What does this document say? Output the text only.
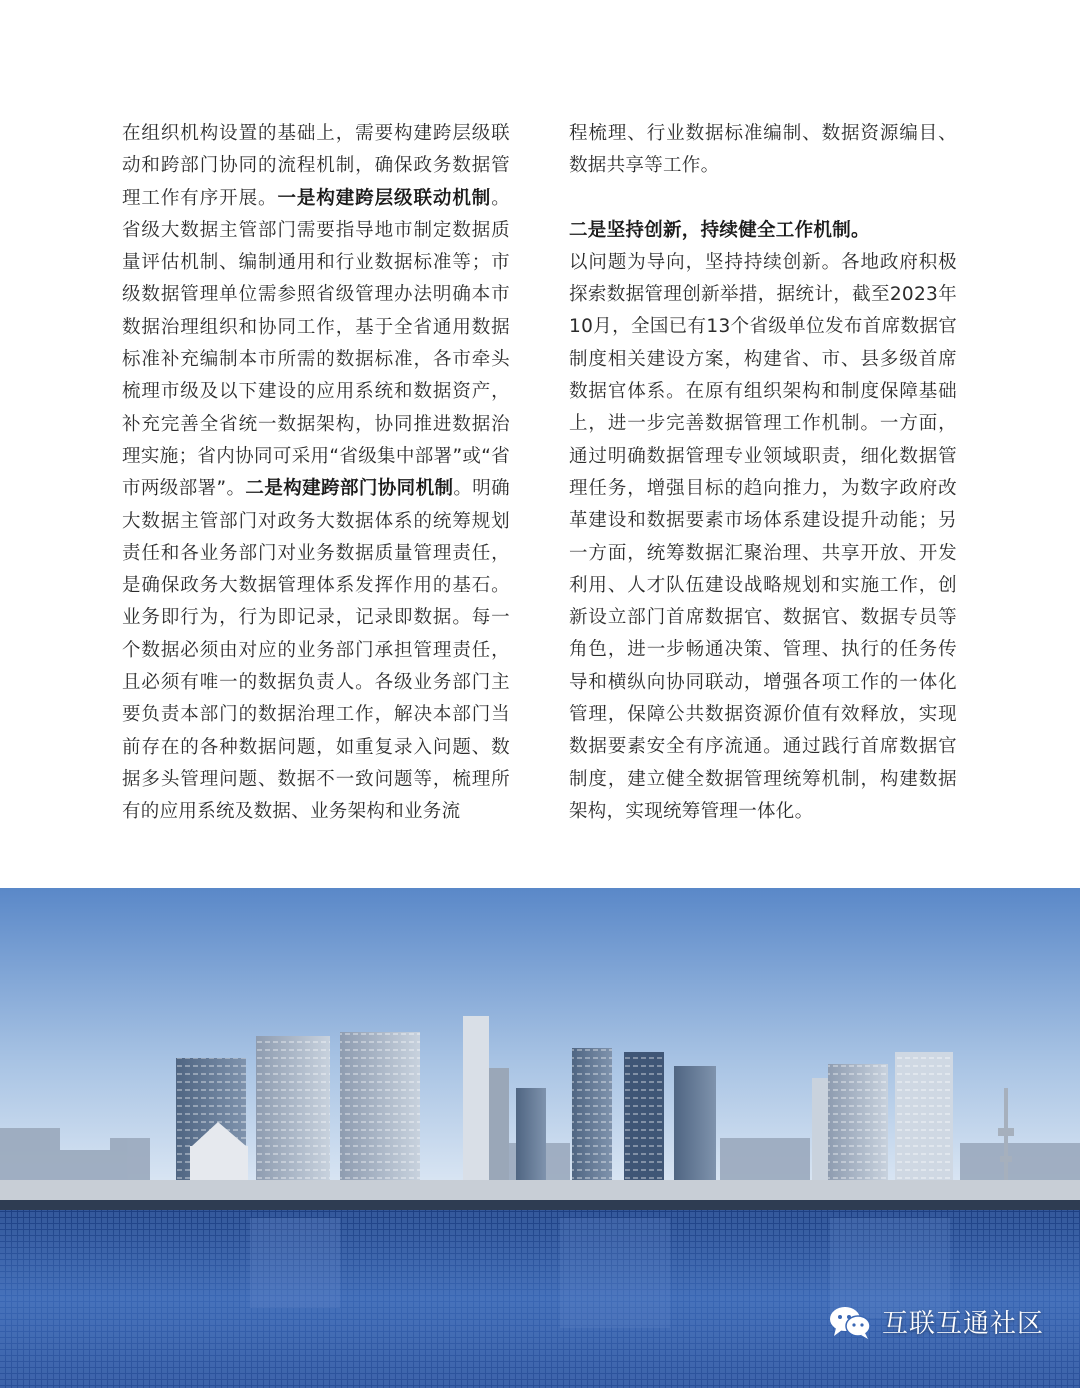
在组织机构设置的基础上，需要构建跨层级联动和跨部门协同的流程机制，确保政务数据管理工作有序开展。一是构建跨层级联动机制。省级大数据主管部门需要指导地市制定数据质量评估机制、编制通用和行业数据标准等；市级数据管理单位需参照省级管理办法明确本市数据治理组织和协同工作，基于全省通用数据标准补充编制本市所需的数据标准，各市牵头梳理市级及以下建设的应用系统和数据资产，补充完善全省统一数据架构，协同推进数据治理实施；省内协同可采用“省级集中部署”或“省市两级部署”。二是构建跨部门协同机制。明确大数据主管部门对政务大数据体系的统筹规划责任和各业务部门对业务数据质量管理责任，是确保政务大数据管理体系发挥作用的基石。业务即行为，行为即记录，记录即数据。每一个数据必须由对应的业务部门承担管理责任，且必须有唯一的数据负责人。各级业务部门主要负责本部门的数据治理工作，解决本部门当前存在的各种数据问题，如重复录入问题、数据多头管理问题、数据不一致问题等，梳理所有的应用系统及数据、业务架构和业务流

程梳理、行业数据标准编制、数据资源编目、数据共享等工作。

二是坚持创新，持续健全工作机制。

以问题为导向，坚持持续创新。各地政府积极探索数据管理创新举措，据统计，截至2023年10月，全国已有13个省级单位发布首席数据官制度相关建设方案，构建省、市、县多级首席数据官体系。在原有组织架构和制度保障基础上，进一步完善数据管理工作机制。一方面，通过明确数据管理专业领域职责，细化数据管理任务，增强目标的趋向推力，为数字政府改革建设和数据要素市场体系建设提升动能；另一方面，统筹数据汇聚治理、共享开放、开发利用、人才队伍建设战略规划和实施工作，创新设立部门首席数据官、数据官、数据专员等角色，进一步畅通决策、管理、执行的任务传导和横纵向协同联动，增强各项工作的一体化管理，保障公共数据资源价值有效释放，实现数据要素安全有序流通。通过践行首席数据官制度，建立健全数据管理统筹机制，构建数据架构，实现统筹管理一体化。

互联互通社区
